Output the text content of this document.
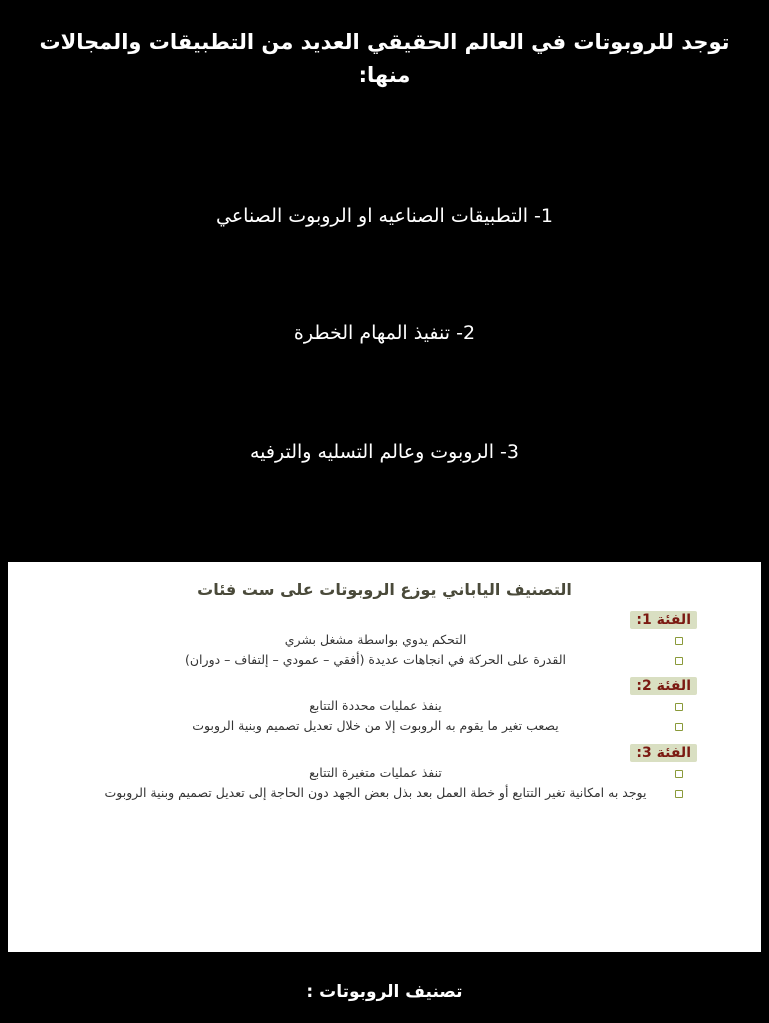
توجد للروبوتات في العالم الحقيقي العديد من التطبيقات والمجالات منها:

1- التطبيقات الصناعيه او الروبوت الصناعي

2- تنفيذ المهام الخطرة

3- الروبوت وعالم التسليه والترفيه

التصنيف الياباني يوزع الروبوتات على ست فئات
الفئة 1:
التحكم يدوي بواسطة مشغل بشري
القدرة على الحركة في انجاهات عديدة (أفقي – عمودي – إلتفاف – دوران)
الفئة 2:
ينفذ عمليات محددة التتابع
يصعب تغير ما يقوم به الروبوت إلا من خلال تعديل تصميم وبنية الروبوت
الفئة 3:
تنفذ عمليات متغيرة التتابع
يوجد به امكانية تغير التتابع أو خطة العمل بعد بذل بعض الجهد دون الحاجة إلى تعديل تصميم وبنية الروبوت
تصنيف الروبوتات :
